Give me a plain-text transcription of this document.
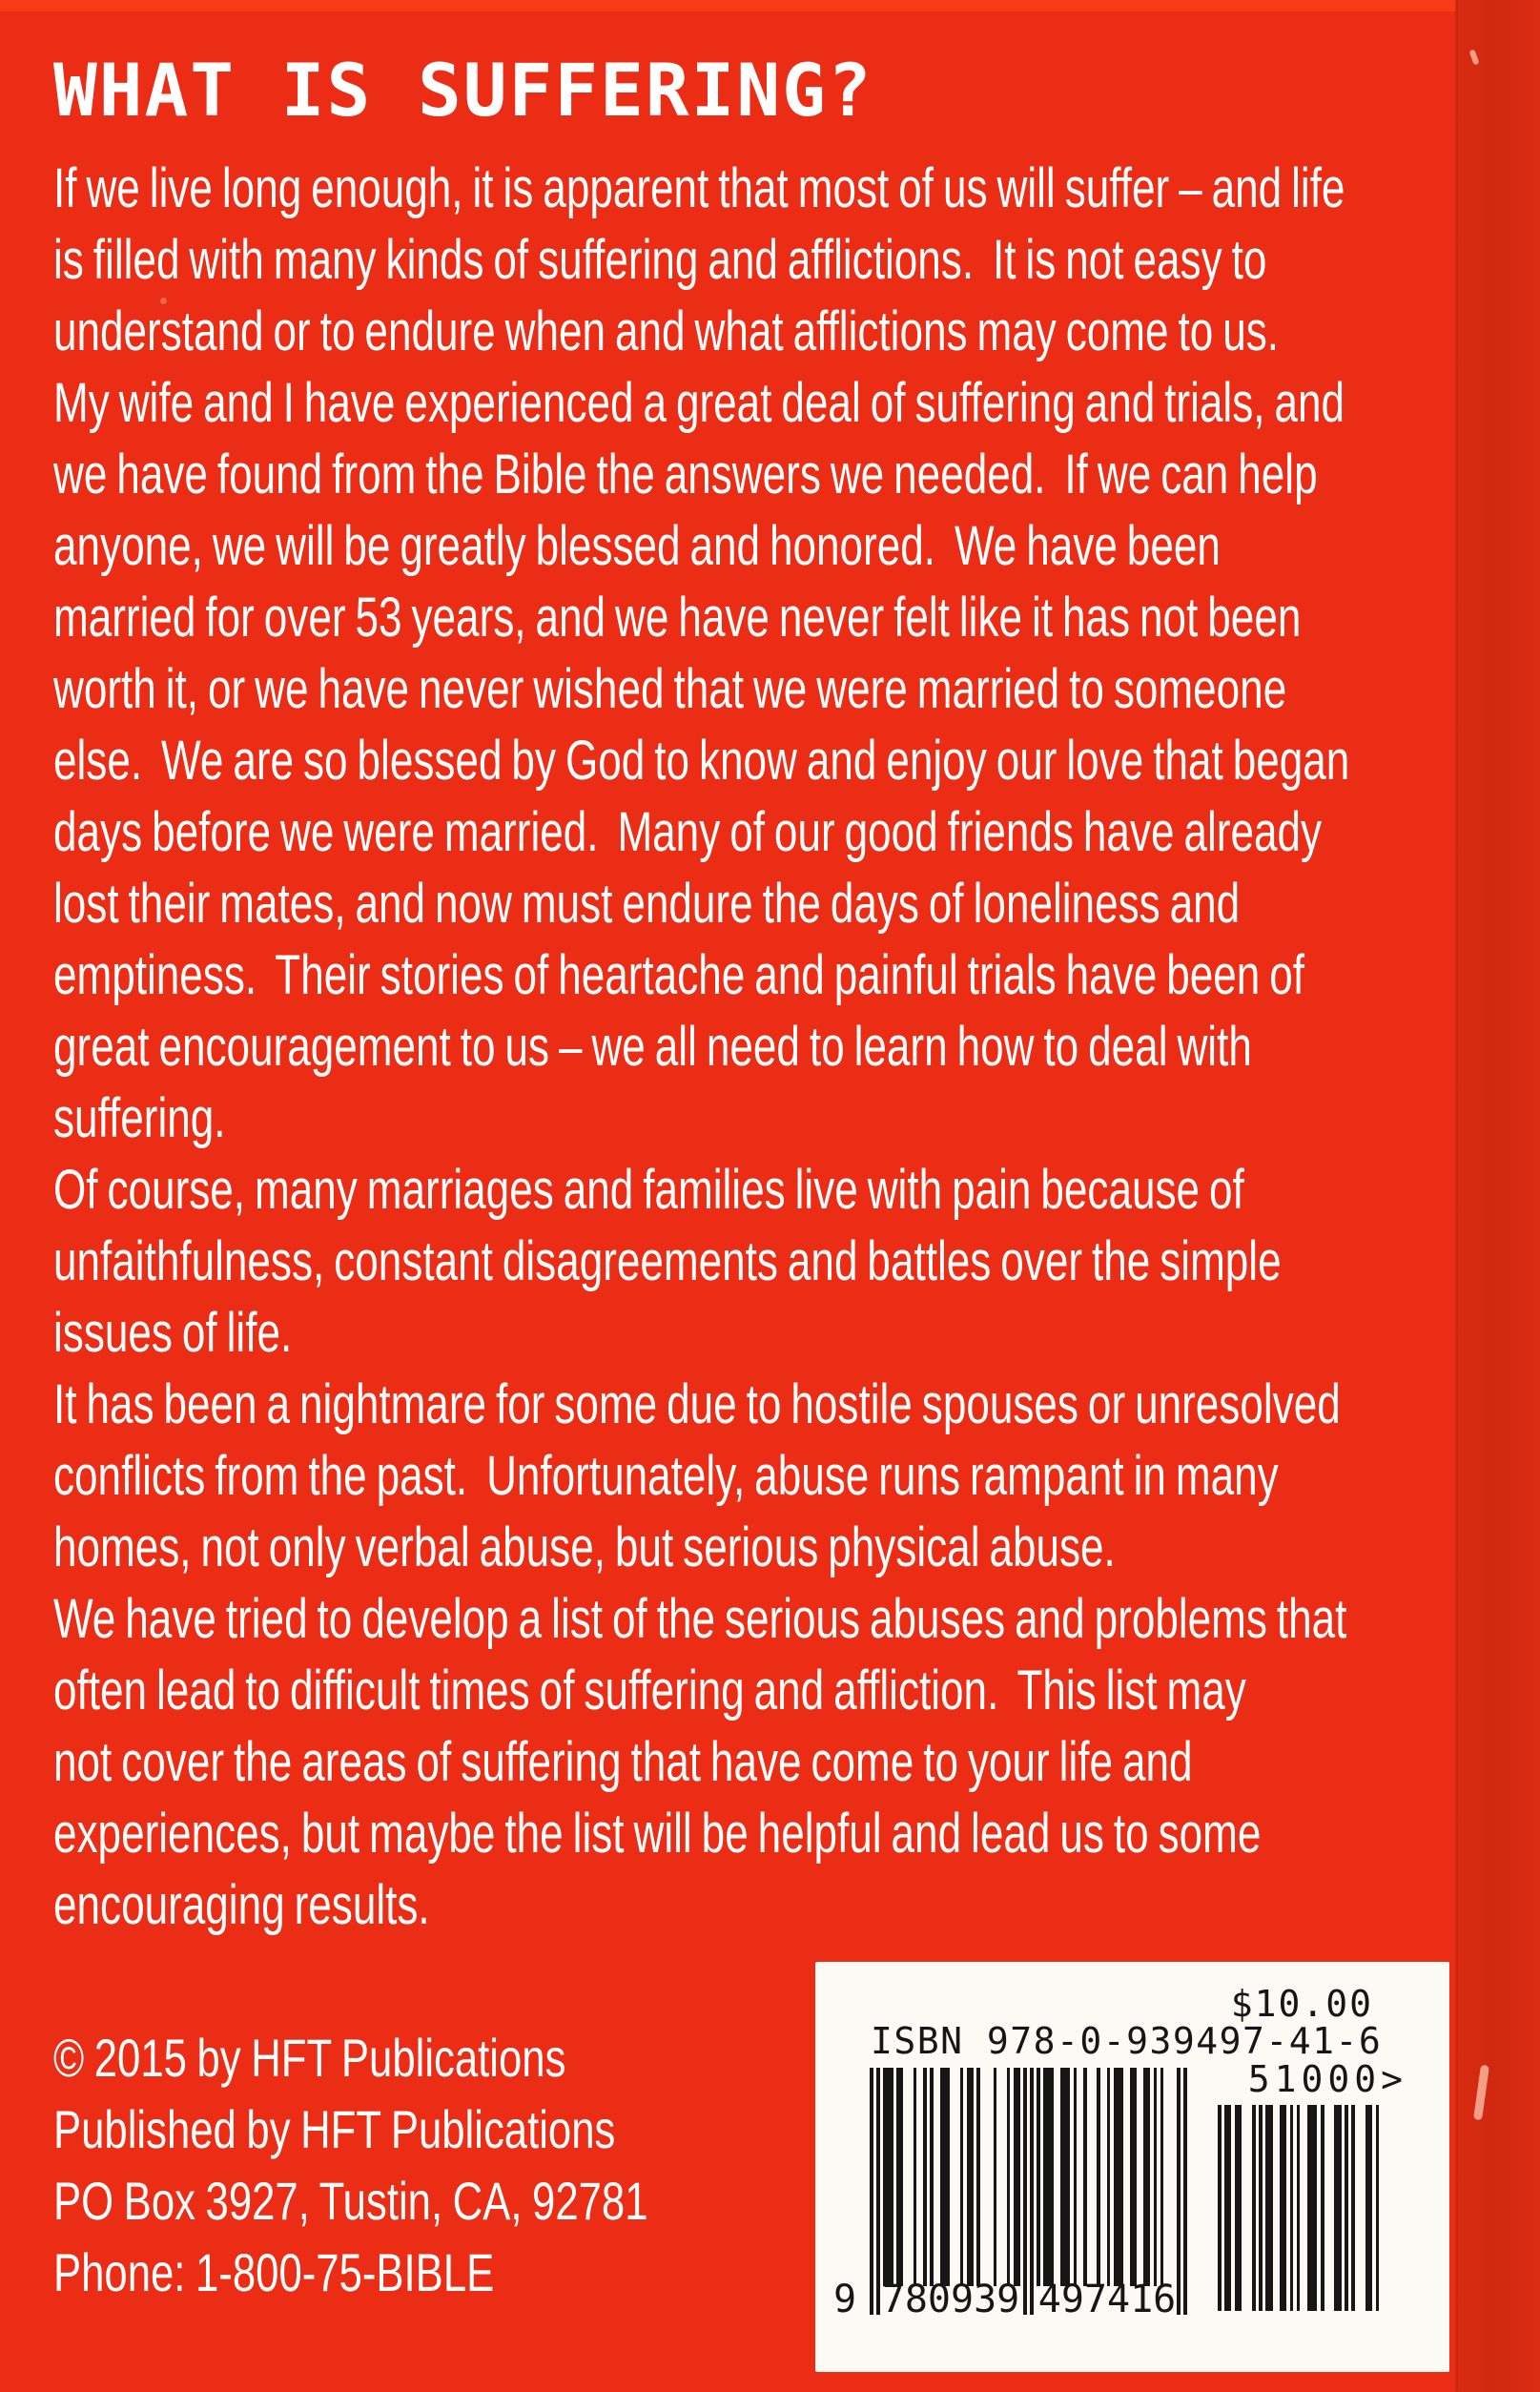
WHAT IS SUFFERING?
If we live long enough, it is apparent that most of us will suffer – and life
is filled with many kinds of suffering and afflictions.  It is not easy to
understand or to endure when and what afflictions may come to us.
My wife and I have experienced a great deal of suffering and trials, and
we have found from the Bible the answers we needed.  If we can help
anyone, we will be greatly blessed and honored.  We have been
married for over 53 years, and we have never felt like it has not been
worth it, or we have never wished that we were married to someone
else.  We are so blessed by God to know and enjoy our love that began
days before we were married.  Many of our good friends have already
lost their mates, and now must endure the days of loneliness and
emptiness.  Their stories of heartache and painful trials have been of
great encouragement to us – we all need to learn how to deal with
suffering.
Of course, many marriages and families live with pain because of
unfaithfulness, constant disagreements and battles over the simple
issues of life.
It has been a nightmare for some due to hostile spouses or unresolved
conflicts from the past.  Unfortunately, abuse runs rampant in many
homes, not only verbal abuse, but serious physical abuse.
We have tried to develop a list of the serious abuses and problems that
often lead to difficult times of suffering and affliction.  This list may
not cover the areas of suffering that have come to your life and
experiences, but maybe the list will be helpful and lead us to some
encouraging results.
© 2015 by HFT Publications
Published by HFT Publications
PO Box 3927, Tustin, CA, 92781
Phone: 1-800-75-BIBLE
$10.00
ISBN 978-0-939497-41-6
51000>
9 780939 497416
